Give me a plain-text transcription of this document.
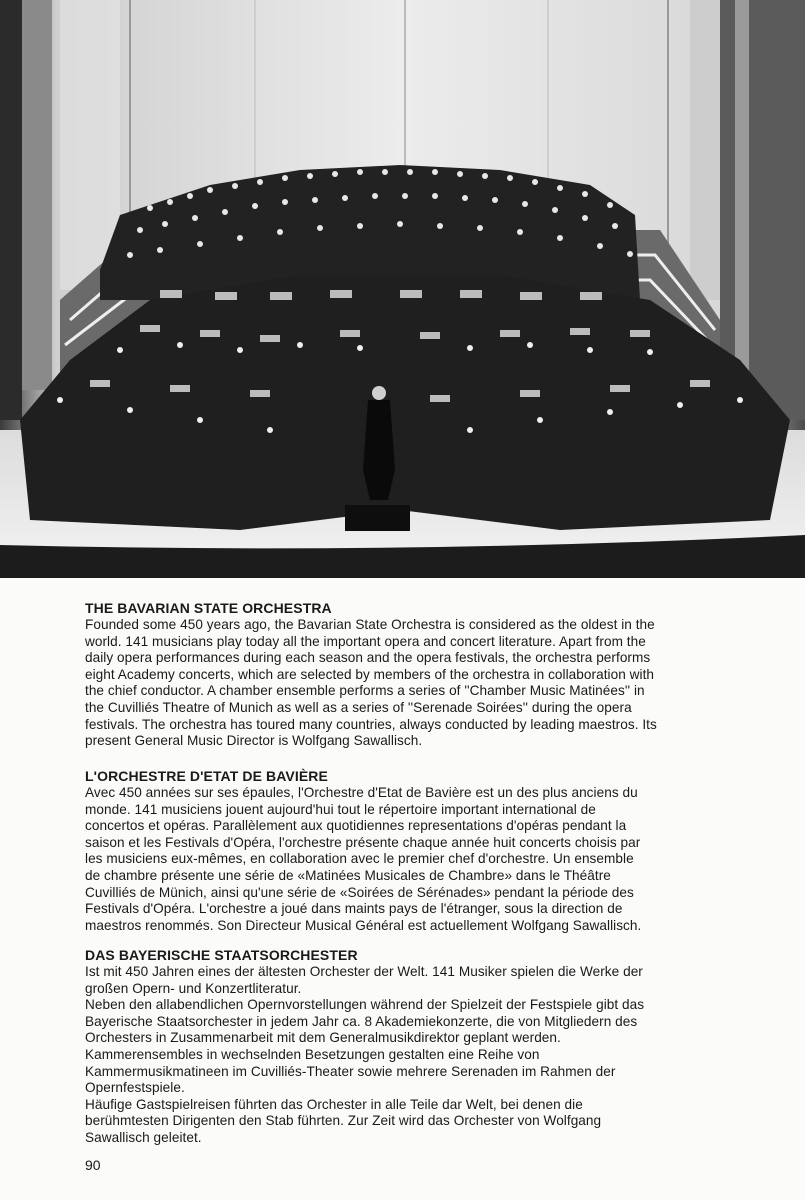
THE BAVARIAN STATE ORCHESTRA
Founded some 450 years ago, the Bavarian State Orchestra is considered as the oldest in the
world. 141 musicians play today all the important opera and concert literature. Apart from the
daily opera performances during each season and the opera festivals, the orchestra performs
eight Academy concerts, which are selected by members of the orchestra in collaboration with
the chief conductor. A chamber ensemble performs a series of ''Chamber Music Matinées'' in
the Cuvilliés Theatre of Munich as well as a series of ''Serenade Soirées'' during the opera
festivals. The orchestra has toured many countries, always conducted by leading maestros. Its
present General Music Director is Wolfgang Sawallisch.
L'ORCHESTRE D'ETAT DE BAVIÈRE
Avec 450 années sur ses épaules, l'Orchestre d'Etat de Bavière est un des plus anciens du
monde. 141 musiciens jouent aujourd'hui tout le répertoire important international de
concertos et opéras. Parallèlement aux quotidiennes representations d'opéras pendant la
saison et les Festivals d'Opéra, l'orchestre présente chaque année huit concerts choisis par
les musiciens eux-mêmes, en collaboration avec le premier chef d'orchestre. Un ensemble
de chambre présente une série de «Matinées Musicales de Chambre» dans le Théâtre
Cuvilliés de Münich, ainsi qu'une série de «Soirées de Sérénades» pendant la période des
Festivals d'Opéra. L'orchestre a joué dans maints pays de l'étranger, sous la direction de
maestros renommés. Son Directeur Musical Général est actuellement Wolfgang Sawallisch.
DAS BAYERISCHE STAATSORCHESTER
Ist mit 450 Jahren eines der ältesten Orchester der Welt. 141 Musiker spielen die Werke der
großen Opern- und Konzertliteratur.
Neben den allabendlichen Opernvorstellungen während der Spielzeit der Festspiele gibt das
Bayerische Staatsorchester in jedem Jahr ca. 8 Akademiekonzerte, die von Mitgliedern des
Orchesters in Zusammenarbeit mit dem Generalmusikdirektor geplant werden.
Kammerensembles in wechselnden Besetzungen gestalten eine Reihe von
Kammermusikmatineen im Cuvilliés-Theater sowie mehrere Serenaden im Rahmen der
Opernfestspiele.
Häufige Gastspielreisen führten das Orchester in alle Teile dar Welt, bei denen die
berühmtesten Dirigenten den Stab führten. Zur Zeit wird das Orchester von Wolfgang
Sawallisch geleitet.
90
